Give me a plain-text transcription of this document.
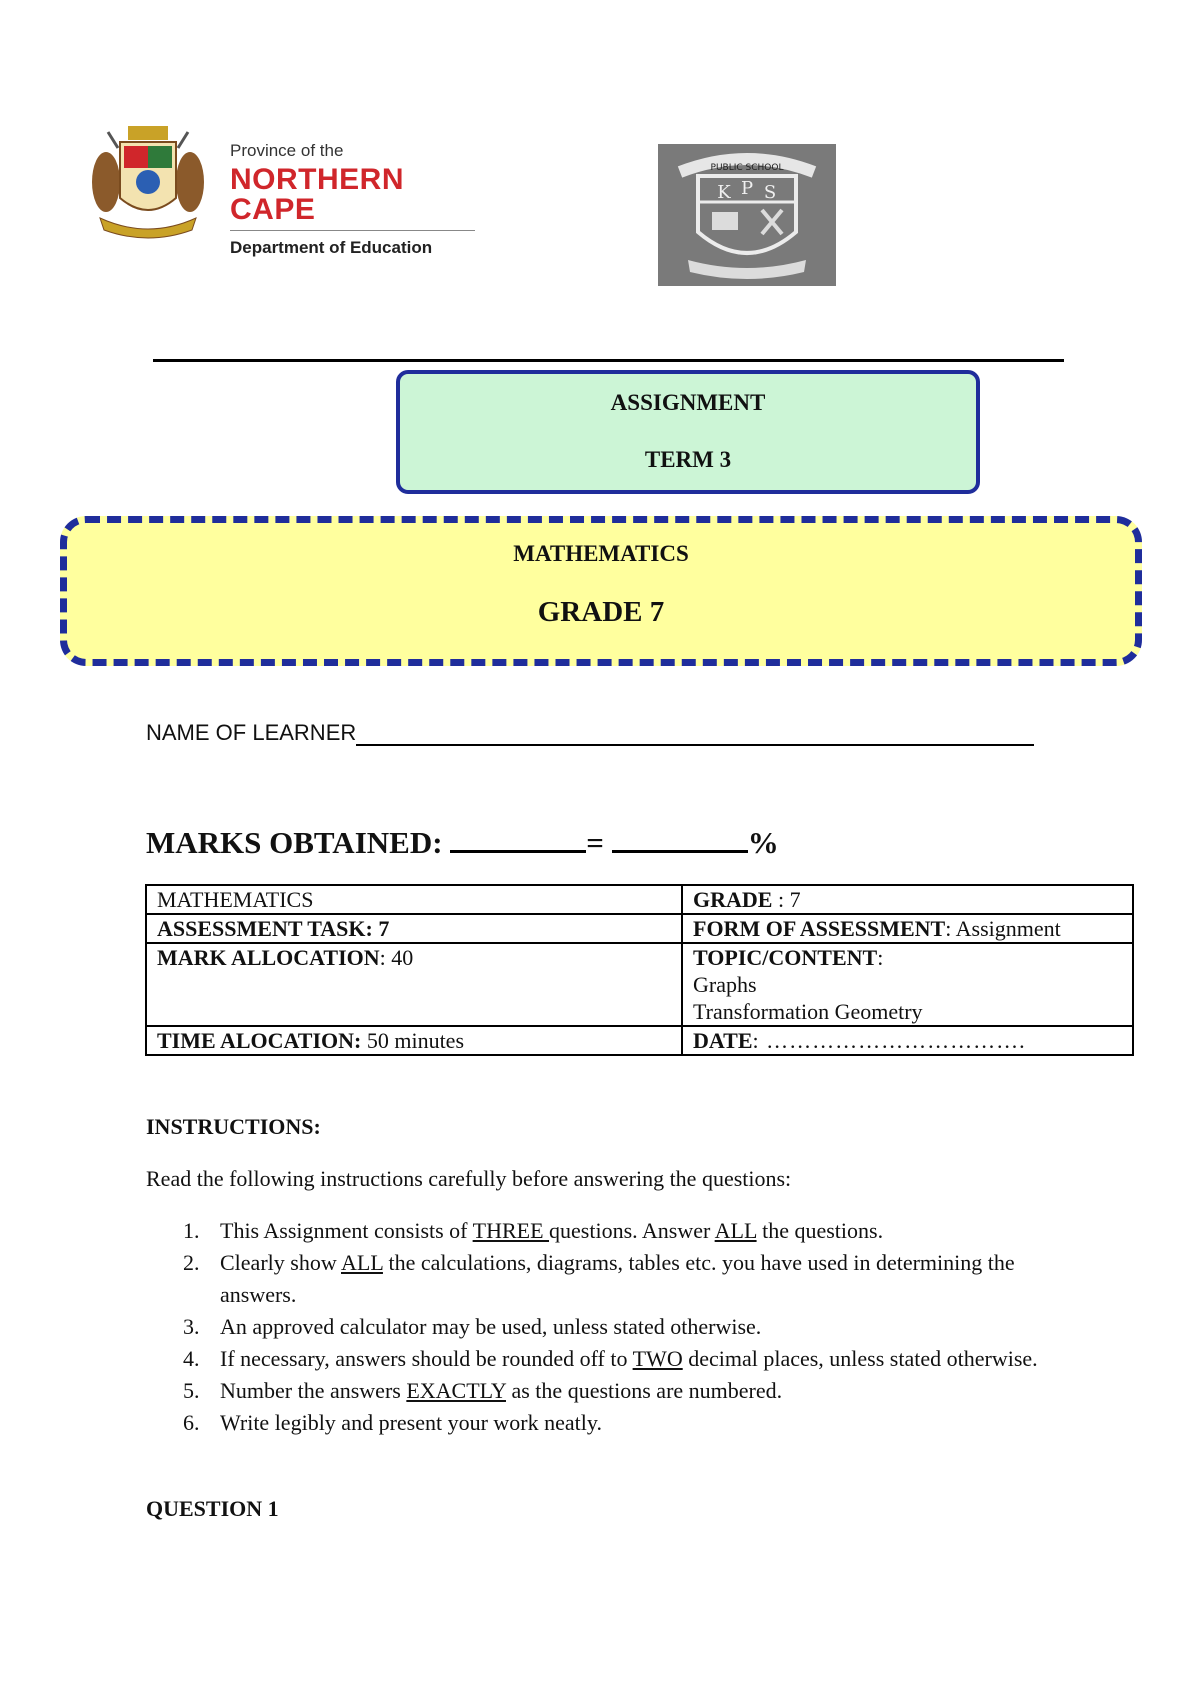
Province of the
NORTHERN CAPE
Department of Education
PUBLIC SCHOOL
K P S
ASSIGNMENT
TERM 3
MATHEMATICS
GRADE 7
NAME OF LEARNER
MARKS OBTAINED:	=	%
MATHEMATICS	GRADE : 7
ASSESSMENT TASK: 7	FORM OF ASSESSMENT: Assignment
MARK ALLOCATION: 40	TOPIC/CONTENT:
Graphs
Transformation Geometry
TIME ALOCATION: 50 minutes	DATE: …………………………….
INSTRUCTIONS:
Read the following instructions carefully before answering the questions:
1. This Assignment consists of THREE questions. Answer ALL the questions.
2. Clearly show ALL the calculations, diagrams, tables etc. you have used in determining the answers.
3. An approved calculator may be used, unless stated otherwise.
4. If necessary, answers should be rounded off to TWO decimal places, unless stated otherwise.
5. Number the answers EXACTLY as the questions are numbered.
6. Write legibly and present your work neatly.
QUESTION 1
